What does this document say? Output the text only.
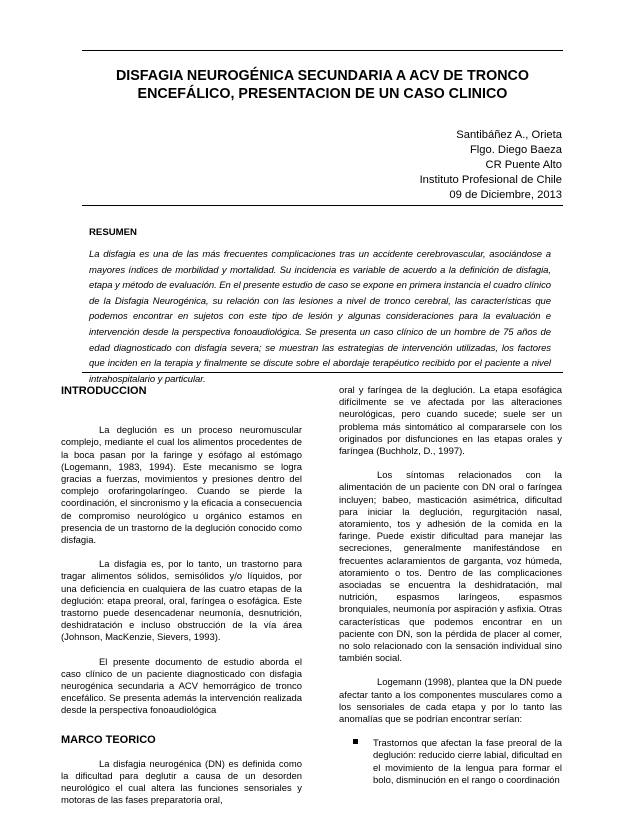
DISFAGIA NEUROGÉNICA SECUNDARIA A ACV DE TRONCO
ENCEFÁLICO, PRESENTACION DE UN CASO CLINICO
Santibáñez A., Orieta
Flgo. Diego Baeza
CR Puente Alto
Instituto Profesional de Chile
09 de Diciembre, 2013
RESUMEN

La disfagia es una de las más frecuentes complicaciones tras un accidente cerebrovascular, asociándose a mayores índices de morbilidad y mortalidad. Su incidencia es variable de acuerdo a la definición de disfagia, etapa y método de evaluación. En el presente estudio de caso se expone en primera instancia el cuadro clínico de la Disfagia Neurogénica, su relación con las lesiones a nivel de tronco cerebral, las características que podemos encontrar en sujetos con este tipo de lesión y algunas consideraciones para la evaluación e intervención desde la perspectiva fonoaudiológica. Se presenta un caso clínico de un hombre de 75 años de edad diagnosticado con disfagia severa; se muestran las estrategias de intervención utilizadas, los factores que inciden en la terapia y finalmente se discute sobre el abordaje terapéutico recibido por el paciente a nivel intrahospitalario y particular.

INTRODUCCION

La deglución es un proceso neuromuscular complejo, mediante el cual los alimentos procedentes de la boca pasan por la faringe y esófago al estómago (Logemann, 1983, 1994). Este mecanismo se logra gracias a fuerzas, movimientos y presiones dentro del complejo orofaringolaríngeo. Cuando se pierde la coordinación, el sincronismo y la eficacia a consecuencia de compromiso neurológico u orgánico estamos en presencia de un trastorno de la deglución conocido como disfagia.

La disfagia es, por lo tanto, un trastorno para tragar alimentos sólidos, semisólidos y/o líquidos, por una deficiencia en cualquiera de las cuatro etapas de la deglución: etapa preoral, oral, faríngea o esofágica. Este trastorno puede desencadenar neumonía, desnutrición, deshidratación e incluso obstrucción de la vía área (Johnson, MacKenzie, Sievers, 1993).

El presente documento de estudio aborda el caso clínico de un paciente diagnosticado con disfagia neurogénica secundaria a ACV hemorrágico de tronco encefálico. Se presenta además la intervención realizada desde la perspectiva fonoaudiológica

MARCO TEORICO

La disfagia neurogénica (DN) es definida como la dificultad para deglutir a causa de un desorden neurológico el cual altera las funciones sensoriales y motoras de las fases preparatoria oral,

oral y faríngea de la deglución. La etapa esofágica difícilmente se ve afectada por las alteraciones neurológicas, pero cuando sucede; suele ser un problema más sintomático al compararsele con los originados por disfunciones en las etapas orales y faríngea (Buchholz, D., 1997).

Los síntomas relacionados con la alimentación de un paciente con DN oral o faríngea incluyen; babeo, masticación asimétrica, dificultad para iniciar la deglución, regurgitación nasal, atoramiento, tos y adhesión de la comida en la faringe. Puede existir dificultad para manejar las secreciones, generalmente manifestándose en frecuentes aclaramientos de garganta, voz húmeda, atoramiento o tos. Dentro de las complicaciones asociadas se encuentra la deshidratación, mal nutrición, espasmos laríngeos, espasmos bronquiales, neumonía por aspiración y asfixia. Otras características que podemos encontrar en un paciente con DN, son la pérdida de placer al comer, no solo relacionado con la sensación individual sino también social.

Logemann (1998), plantea que la DN puede afectar tanto a los componentes musculares como a los sensoriales de cada etapa y por lo tanto las anomalías que se podrían encontrar serían:

Trastornos que afectan la fase preoral de la deglución: reducido cierre labial, dificultad en el movimiento de la lengua para formar el bolo, disminución en el rango o coordinación
